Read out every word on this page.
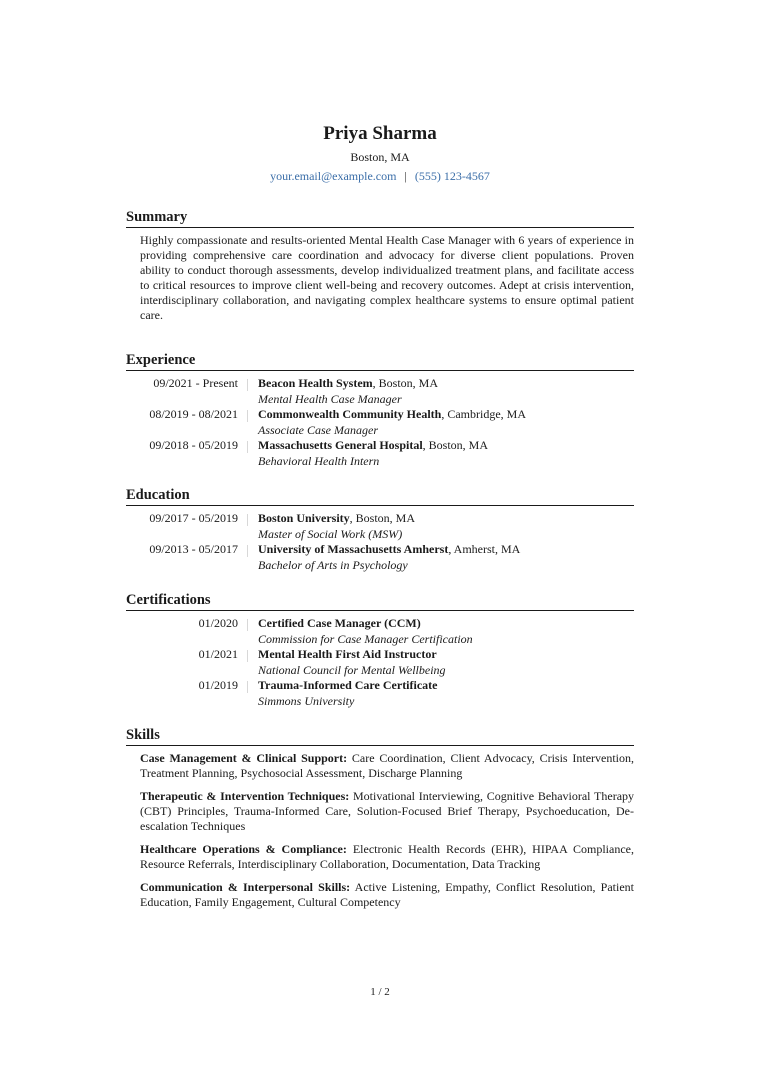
Priya Sharma
Boston, MA
your.email@example.com | (555) 123-4567
Summary
Highly compassionate and results-oriented Mental Health Case Manager with 6 years of experience in providing comprehensive care coordination and advocacy for diverse client populations. Proven ability to conduct thorough assessments, develop individualized treatment plans, and facilitate access to critical resources to improve client well-being and recovery outcomes. Adept at crisis intervention, interdisciplinary collaboration, and navigating complex healthcare systems to ensure optimal patient care.
Experience
09/2021 - Present	Beacon Health System, Boston, MA
Mental Health Case Manager
08/2019 - 08/2021	Commonwealth Community Health, Cambridge, MA
Associate Case Manager
09/2018 - 05/2019	Massachusetts General Hospital, Boston, MA
Behavioral Health Intern
Education
09/2017 - 05/2019	Boston University, Boston, MA
Master of Social Work (MSW)
09/2013 - 05/2017	University of Massachusetts Amherst, Amherst, MA
Bachelor of Arts in Psychology
Certifications
01/2020	Certified Case Manager (CCM)
Commission for Case Manager Certification
01/2021	Mental Health First Aid Instructor
National Council for Mental Wellbeing
01/2019	Trauma-Informed Care Certificate
Simmons University
Skills
Case Management & Clinical Support: Care Coordination, Client Advocacy, Crisis Intervention, Treatment Planning, Psychosocial Assessment, Discharge Planning
Therapeutic & Intervention Techniques: Motivational Interviewing, Cognitive Behavioral Therapy (CBT) Principles, Trauma-Informed Care, Solution-Focused Brief Therapy, Psychoeducation, De-escalation Techniques
Healthcare Operations & Compliance: Electronic Health Records (EHR), HIPAA Compliance, Resource Referrals, Interdisciplinary Collaboration, Documentation, Data Tracking
Communication & Interpersonal Skills: Active Listening, Empathy, Conflict Resolution, Patient Education, Family Engagement, Cultural Competency
1 / 2
